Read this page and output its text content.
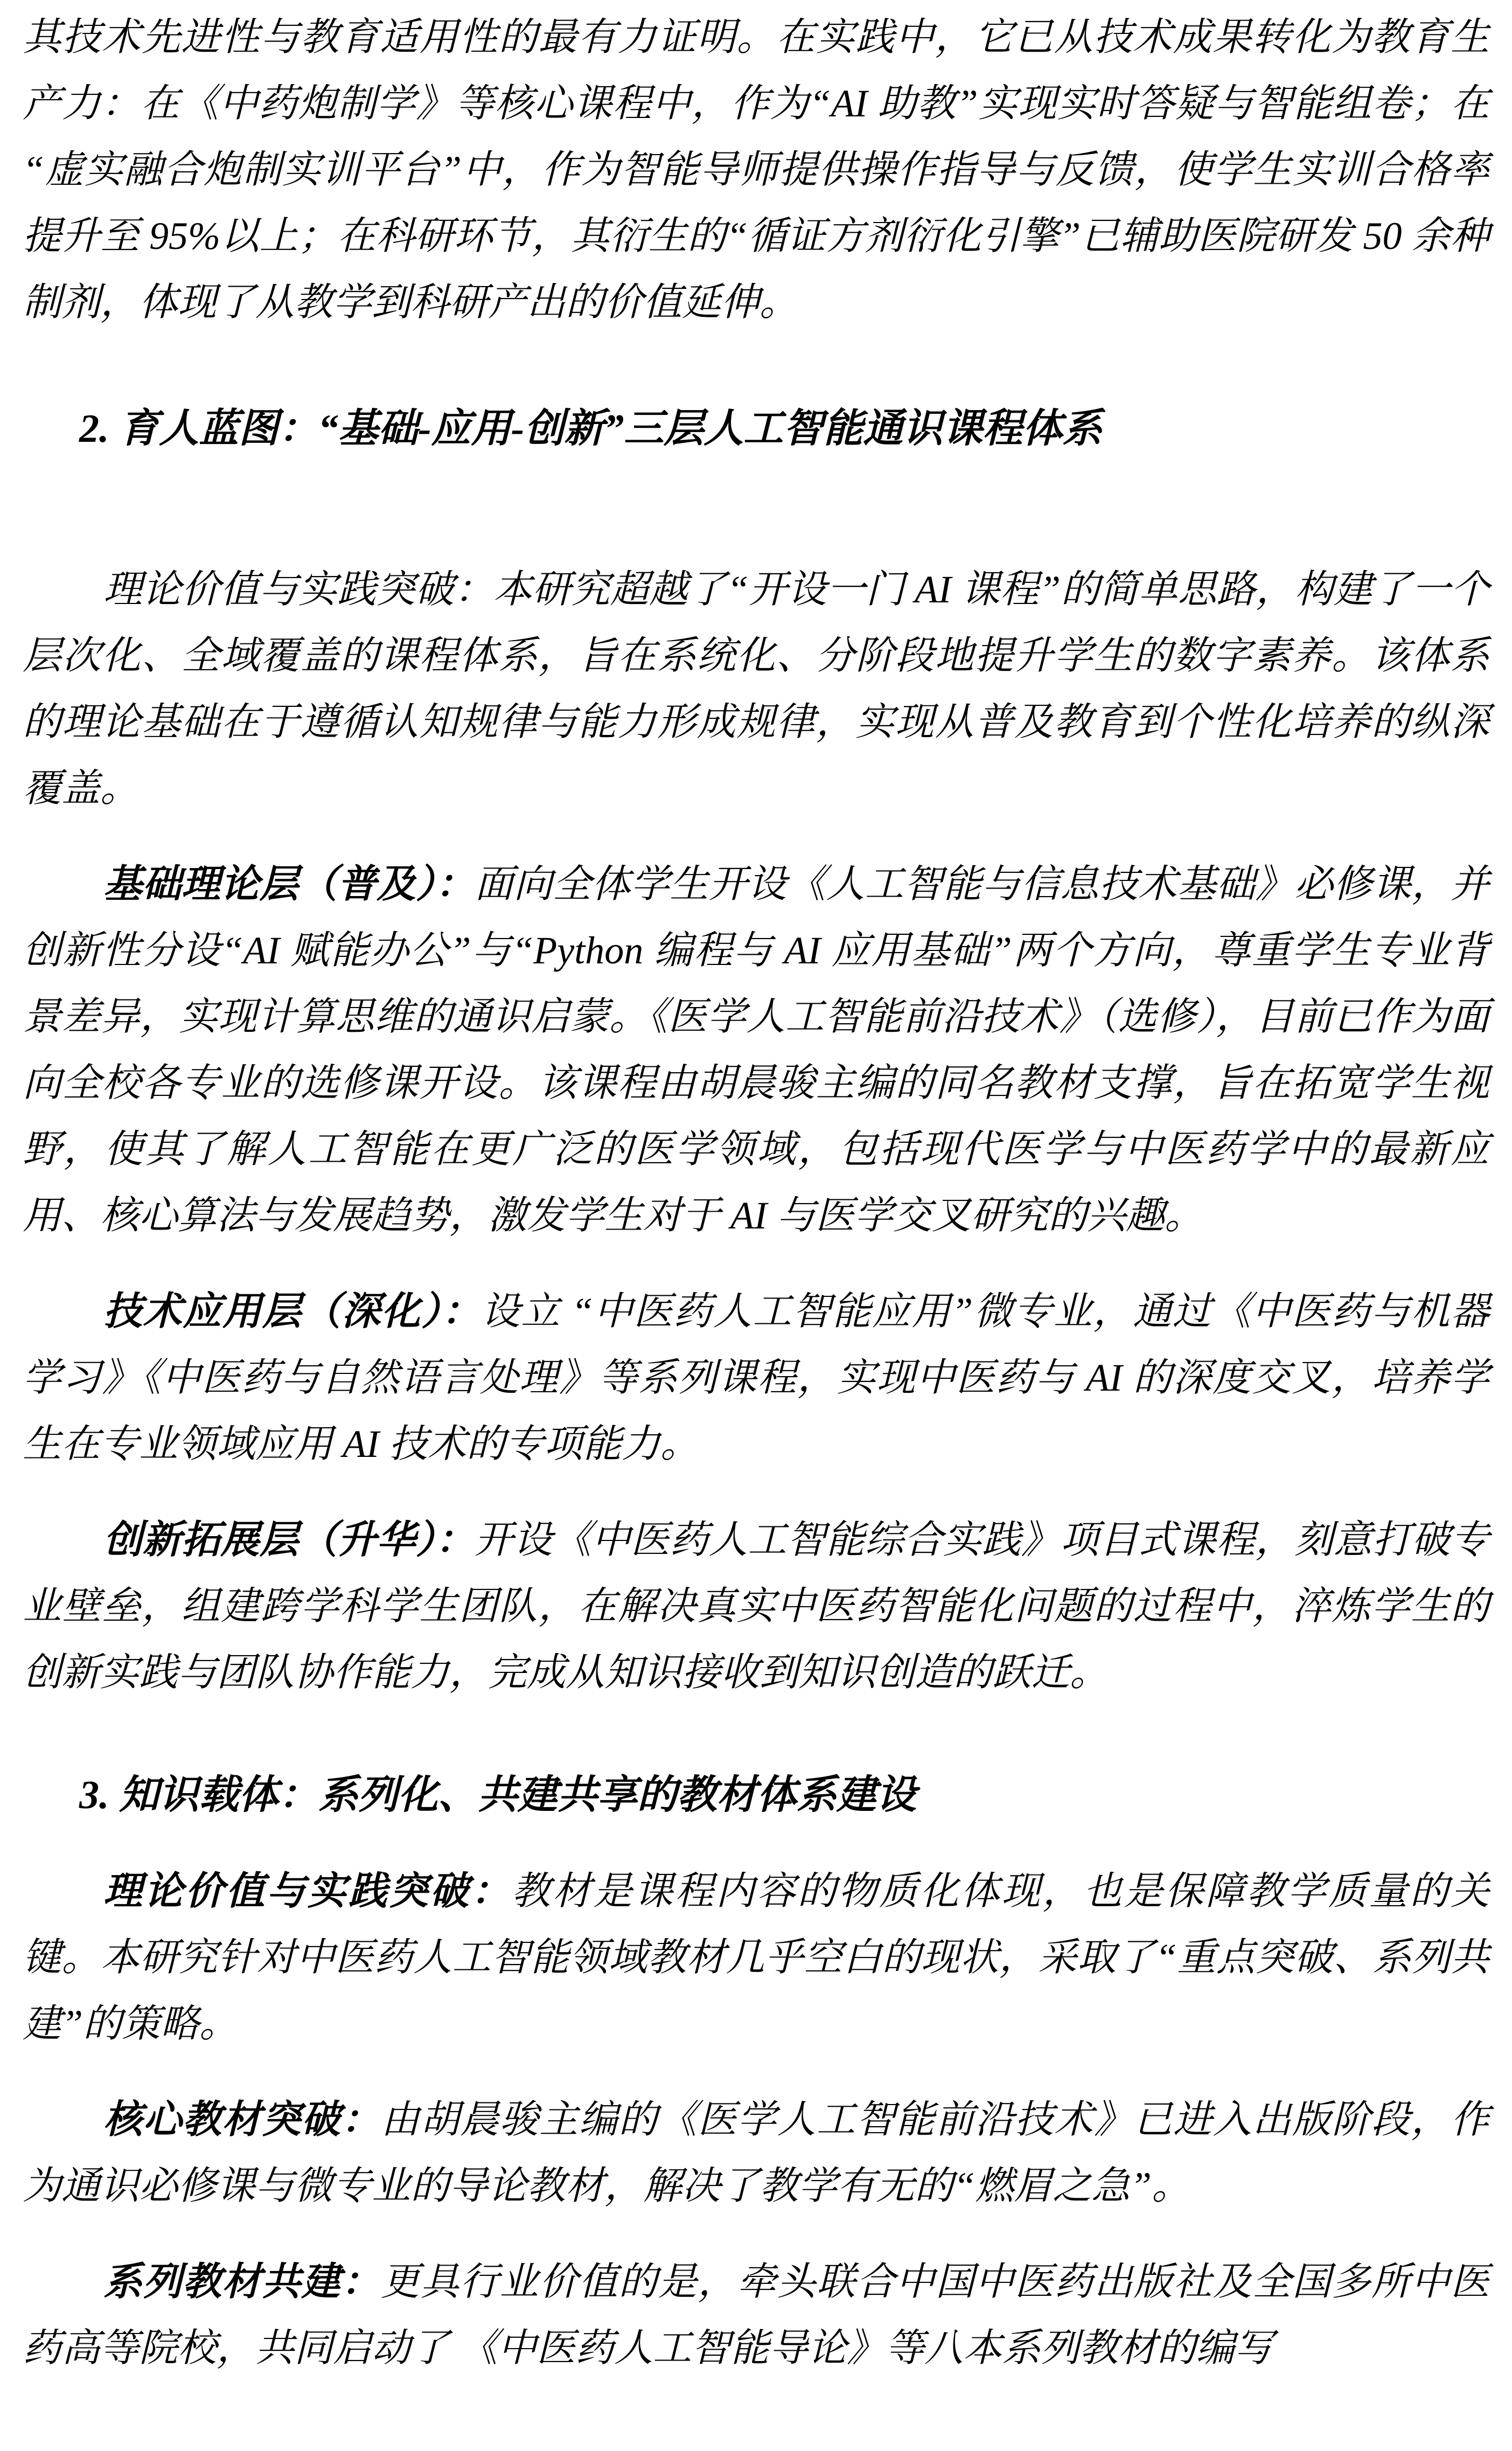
其技术先进性与教育适用性的最有力证明。在实践中，它已从技术成果转化为教育生产力：在《中药炮制学》等核心课程中，作为“AI 助教”实现实时答疑与智能组卷；在“虚实融合炮制实训平台”中，作为智能导师提供操作指导与反馈，使学生实训合格率提升至 95%以上；在科研环节，其衍生的“循证方剂衍化引擎”已辅助医院研发 50 余种制剂，体现了从教学到科研产出的价值延伸。

2. 育人蓝图：“基础-应用-创新”三层人工智能通识课程体系

理论价值与实践突破：本研究超越了“开设一门 AI 课程”的简单思路，构建了一个层次化、全域覆盖的课程体系，旨在系统化、分阶段地提升学生的数字素养。该体系的理论基础在于遵循认知规律与能力形成规律，实现从普及教育到个性化培养的纵深覆盖。

基础理论层（普及）：面向全体学生开设《人工智能与信息技术基础》必修课，并创新性分设“AI 赋能办公”与“Python 编程与 AI 应用基础”两个方向，尊重学生专业背景差异，实现计算思维的通识启蒙。《医学人工智能前沿技术》（选修），目前已作为面向全校各专业的选修课开设。该课程由胡晨骏主编的同名教材支撑，旨在拓宽学生视野，使其了解人工智能在更广泛的医学领域，包括现代医学与中医药学中的最新应用、核心算法与发展趋势，激发学生对于 AI 与医学交叉研究的兴趣。

技术应用层（深化）：设立 “中医药人工智能应用”微专业，通过《中医药与机器学习》《中医药与自然语言处理》等系列课程，实现中医药与 AI 的深度交叉，培养学生在专业领域应用 AI 技术的专项能力。

创新拓展层（升华）：开设《中医药人工智能综合实践》项目式课程，刻意打破专业壁垒，组建跨学科学生团队，在解决真实中医药智能化问题的过程中，淬炼学生的创新实践与团队协作能力，完成从知识接收到知识创造的跃迁。

3. 知识载体：系列化、共建共享的教材体系建设

理论价值与实践突破：教材是课程内容的物质化体现，也是保障教学质量的关键。本研究针对中医药人工智能领域教材几乎空白的现状，采取了“重点突破、系列共建”的策略。

核心教材突破：由胡晨骏主编的《医学人工智能前沿技术》已进入出版阶段，作为通识必修课与微专业的导论教材，解决了教学有无的“燃眉之急”。

系列教材共建：更具行业价值的是，牵头联合中国中医药出版社及全国多所中医药高等院校，共同启动了 《中医药人工智能导论》等八本系列教材的编写
